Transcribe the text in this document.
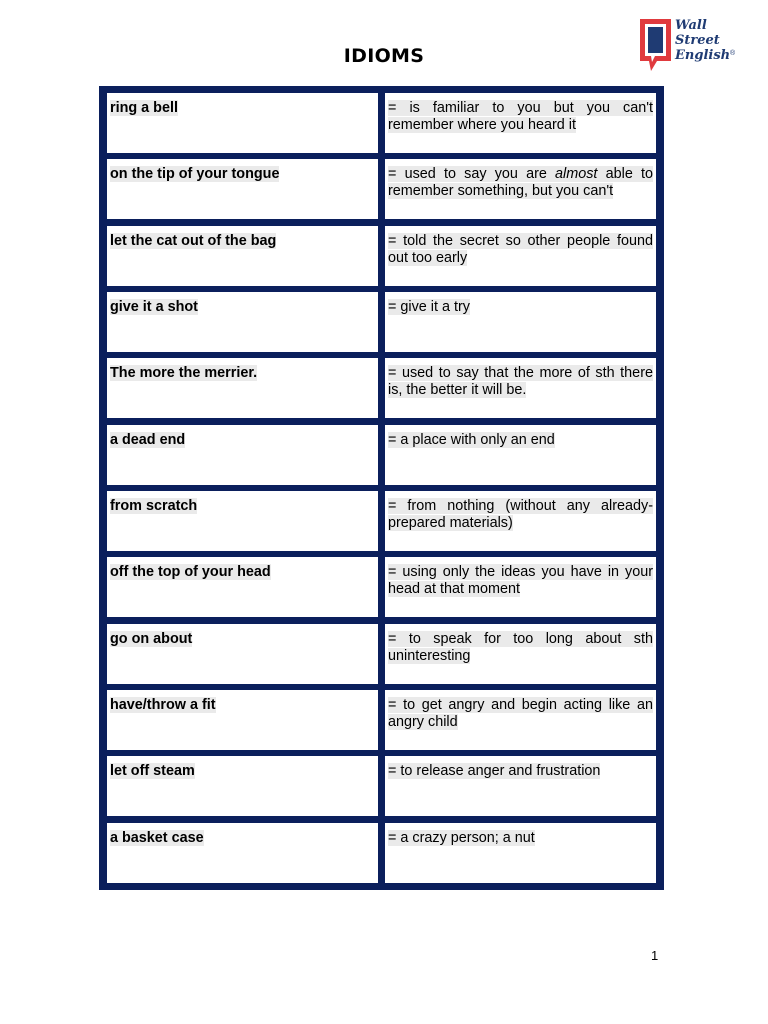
IDIOMS
Wall
Street
English ®
ring a bell	= is familiar to you but you can't remember where you heard it
on the tip of your tongue	= used to say you are almost able to remember something, but you can't
let the cat out of the bag	= told the secret so other people found out too early
give it a shot	= give it a try
The more the merrier.	= used to say that the more of sth there is, the better it will be.
a dead end	= a place with only an end
from scratch	= from nothing (without any already-prepared materials)
off the top of your head	= using only the ideas you have in your head at that moment
go on about	= to speak for too long about sth uninteresting
have/throw a fit	= to get angry and begin acting like an angry child
let off steam	= to release anger and frustration
a basket case	= a crazy person; a nut
1
